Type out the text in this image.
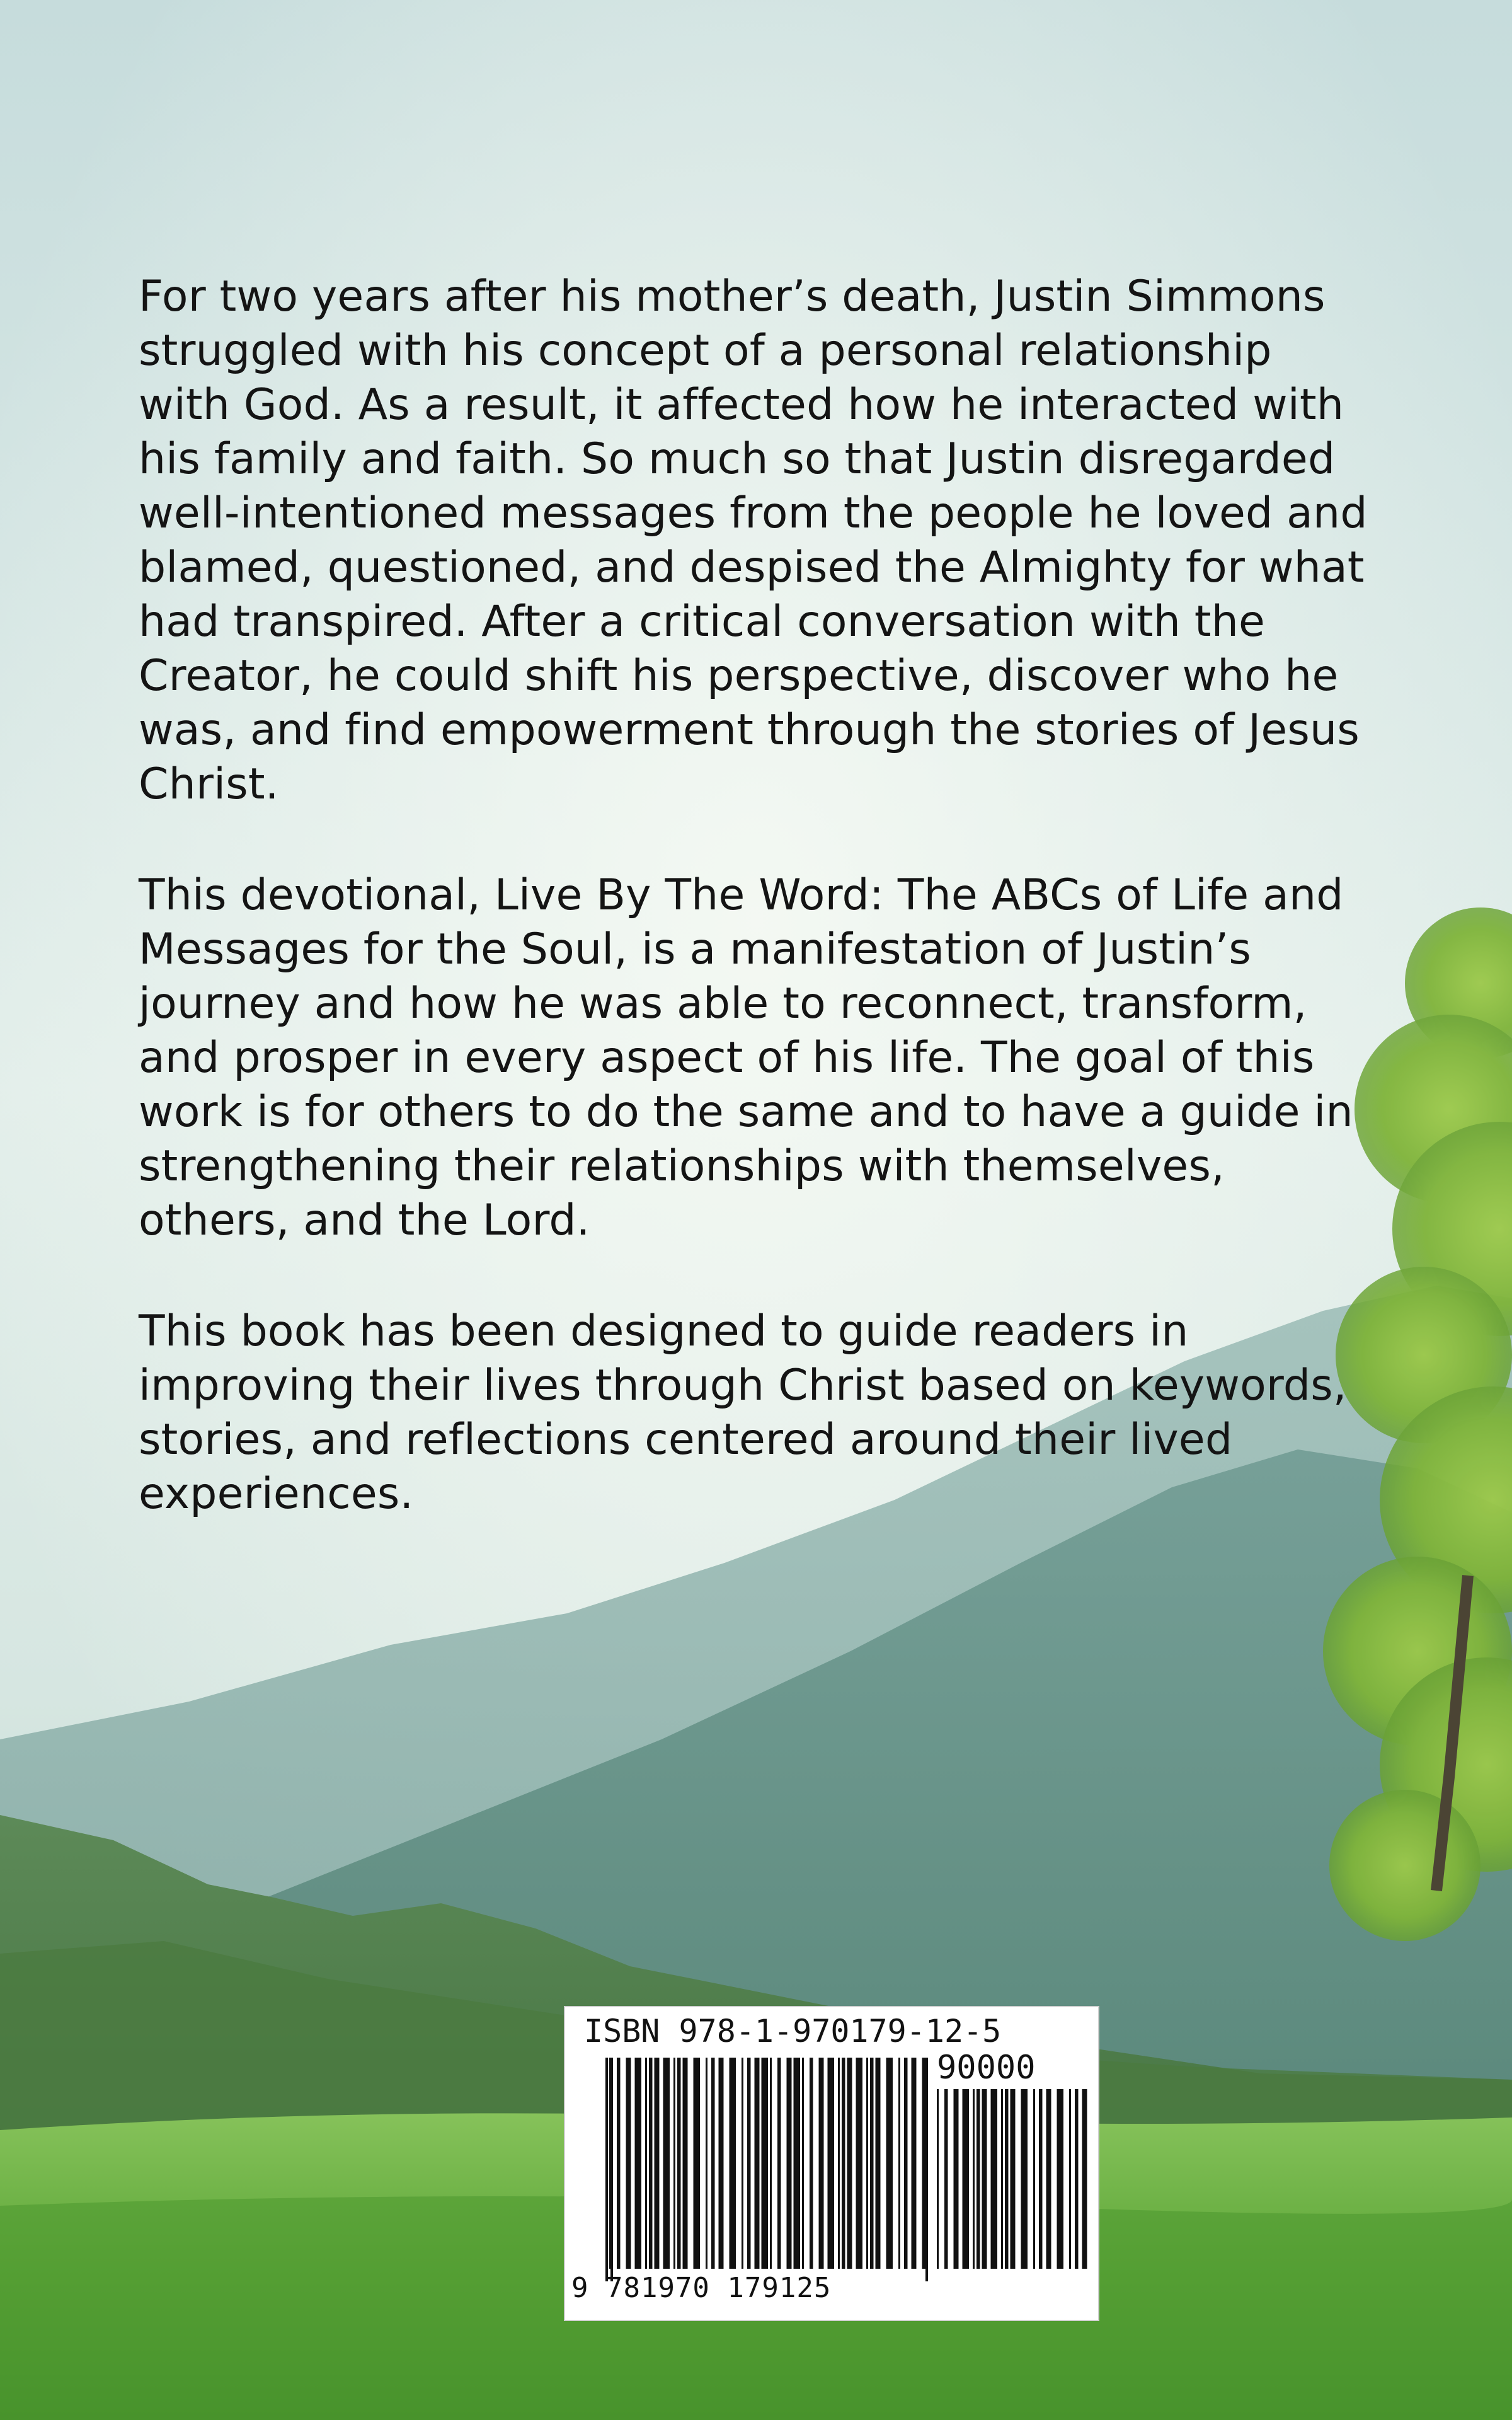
For two years after his mother’s death, Justin Simmons struggled with his concept of a personal relationship with God. As a result, it affected how he interacted with his family and faith. So much so that Justin disregarded well-intentioned messages from the people he loved and blamed, questioned, and despised the Almighty for what had transpired. After a critical conversation with the Creator, he could shift his perspective, discover who he was, and find empowerment through the stories of Jesus Christ.

This devotional, Live By The Word: The ABCs of Life and Messages for the Soul, is a manifestation of Justin’s journey and how he was able to reconnect, transform, and prosper in every aspect of his life. The goal of this work is for others to do the same and to have a guide in strengthening their relationships with themselves, others, and the Lord.

This book has been designed to guide readers in improving their lives through Christ based on keywords, stories, and reflections centered around their lived experiences.

ISBN 978-1-970179-12-5
90000
9 781970 179125
